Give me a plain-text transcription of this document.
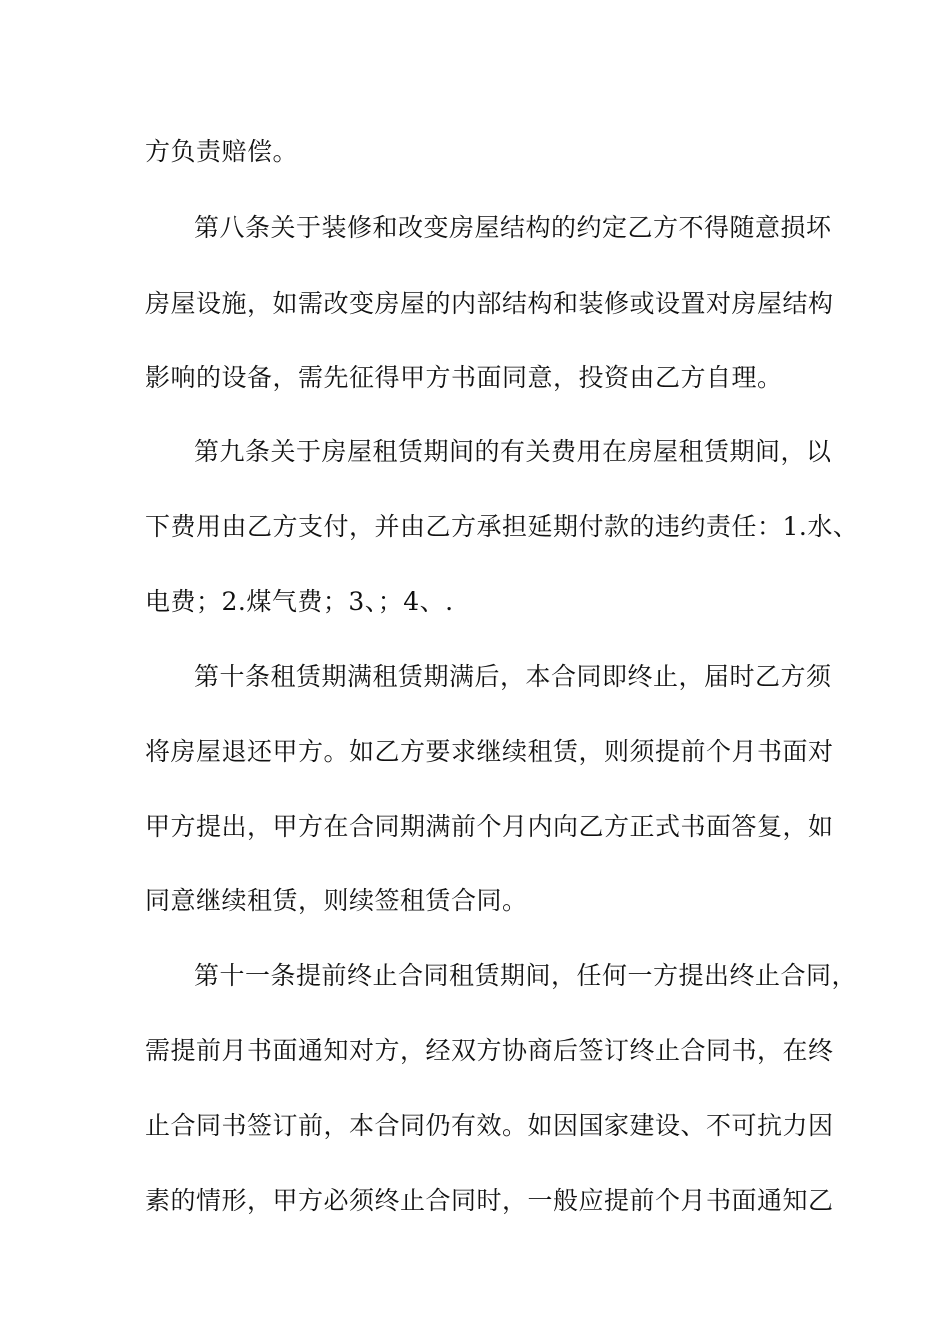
方负责赔偿。
第八条关于装修和改变房屋结构的约定乙方不得随意损坏
房屋设施，如需改变房屋的内部结构和装修或设置对房屋结构
影响的设备，需先征得甲方书面同意，投资由乙方自理。
第九条关于房屋租赁期间的有关费用在房屋租赁期间，以
下费用由乙方支付，并由乙方承担延期付款的违约责任：1.水、
电费；2.煤气费；3、；4、.
第十条租赁期满租赁期满后，本合同即终止，届时乙方须
将房屋退还甲方。如乙方要求继续租赁，则须提前个月书面对
甲方提出，甲方在合同期满前个月内向乙方正式书面答复，如
同意继续租赁，则续签租赁合同。
第十一条提前终止合同租赁期间，任何一方提出终止合同，
需提前月书面通知对方，经双方协商后签订终止合同书，在终
止合同书签订前，本合同仍有效。如因国家建设、不可抗力因
素的情形，甲方必须终止合同时，一般应提前个月书面通知乙
